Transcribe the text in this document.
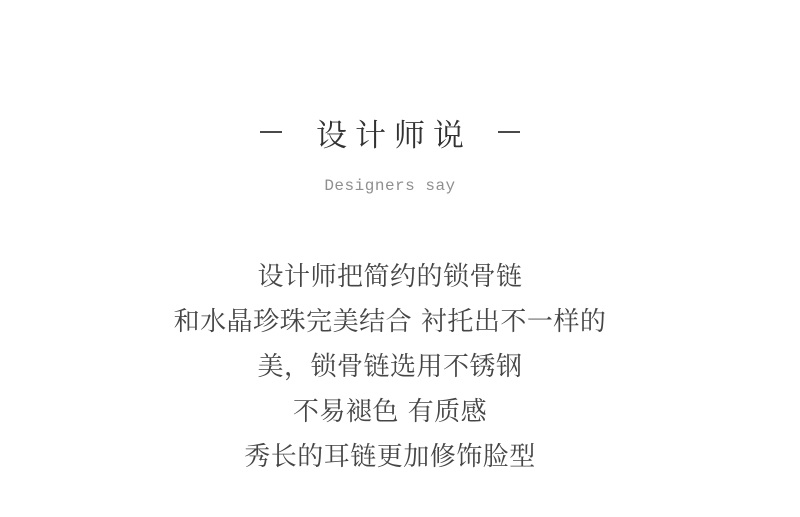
设计师说
Designers say
设计师把简约的锁骨链
和水晶珍珠完美结合 衬托出不一样的
美，锁骨链选用不锈钢
不易褪色 有质感
秀长的耳链更加修饰脸型
